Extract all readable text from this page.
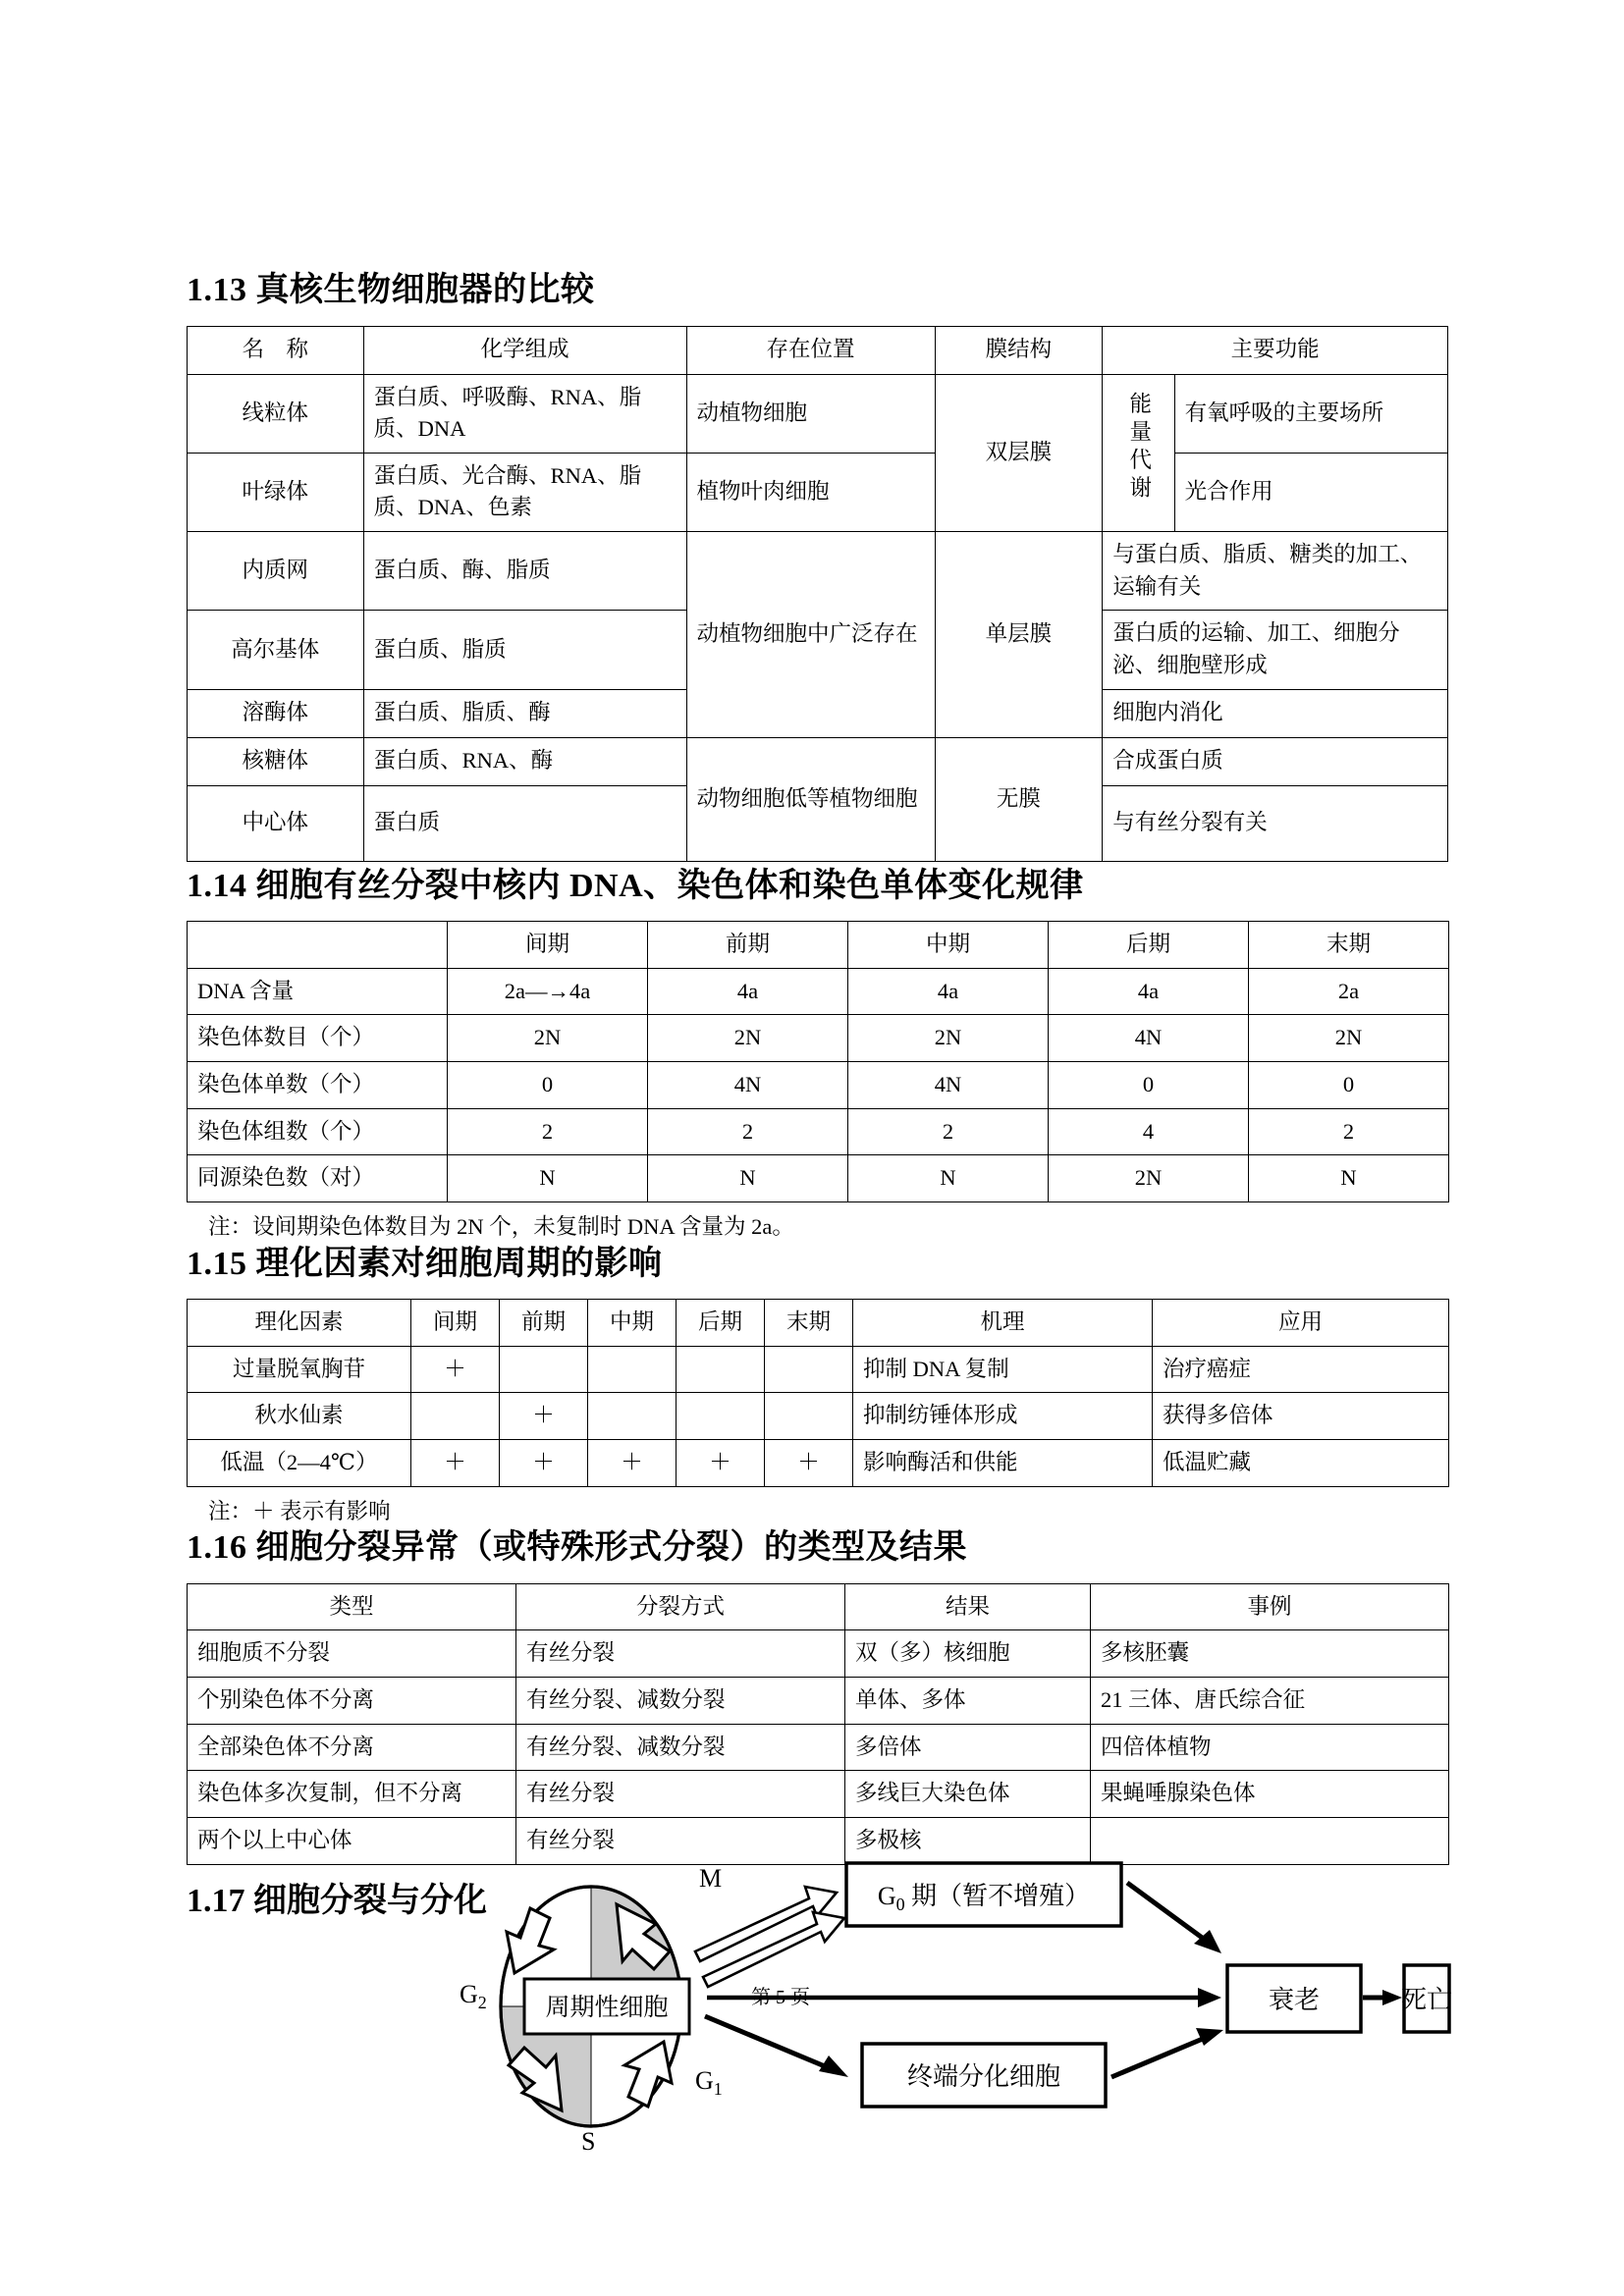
1.13 真核生物细胞器的比较
名　称	化学组成	存在位置	膜结构	主要功能	
线粒体	蛋白质、呼吸酶、RNA、脂质、DNA	动植物细胞	双层膜	能量代谢	有氧呼吸的主要场所
叶绿体	蛋白质、光合酶、RNA、脂质、DNA、色素	植物叶肉细胞			光合作用
内质网	蛋白质、酶、脂质	动植物细胞中广泛存在	单层膜	与蛋白质、脂质、糖类的加工、运输有关	
高尔基体	蛋白质、脂质			蛋白质的运输、加工、细胞分泌、细胞壁形成	
溶酶体	蛋白质、脂质、酶			细胞内消化	
核糖体	蛋白质、RNA、酶	动物细胞低等植物细胞	无膜	合成蛋白质	
中心体	蛋白质			与有丝分裂有关	
1.14 细胞有丝分裂中核内 DNA、染色体和染色单体变化规律
	间期	前期	中期	后期	末期
DNA 含量	2a—→4a	4a	4a	4a	2a
染色体数目（个）	2N	2N	2N	4N	2N
染色体单数（个）	0	4N	4N	0	0
染色体组数（个）	2	2	2	4	2
同源染色数（对）	N	N	N	2N	N
注：设间期染色体数目为 2N 个，未复制时 DNA 含量为 2a。
1.15 理化因素对细胞周期的影响
理化因素	间期	前期	中期	后期	末期	机理	应用
过量脱氧胸苷	＋					抑制 DNA 复制	治疗癌症
秋水仙素		＋				抑制纺锤体形成	获得多倍体
低温（2—4℃）	＋	＋	＋	＋	＋	影响酶活和供能	低温贮藏
注：＋ 表示有影响
1.16 细胞分裂异常（或特殊形式分裂）的类型及结果
类型	分裂方式	结果	事例
细胞质不分裂	有丝分裂	双（多）核细胞	多核胚囊
个别染色体不分离	有丝分裂、减数分裂	单体、多体	21 三体、唐氏综合征
全部染色体不分离	有丝分裂、减数分裂	多倍体	四倍体植物
染色体多次复制，但不分离	有丝分裂	多线巨大染色体	果蝇唾腺染色体
两个以上中心体	有丝分裂	多极核	
1.17 细胞分裂与分化
周期性细胞
M
$G_2$
$G_1$
S
$G_0$ 期（暂不增殖）
终端分化细胞
衰老	死亡
第 5 页
